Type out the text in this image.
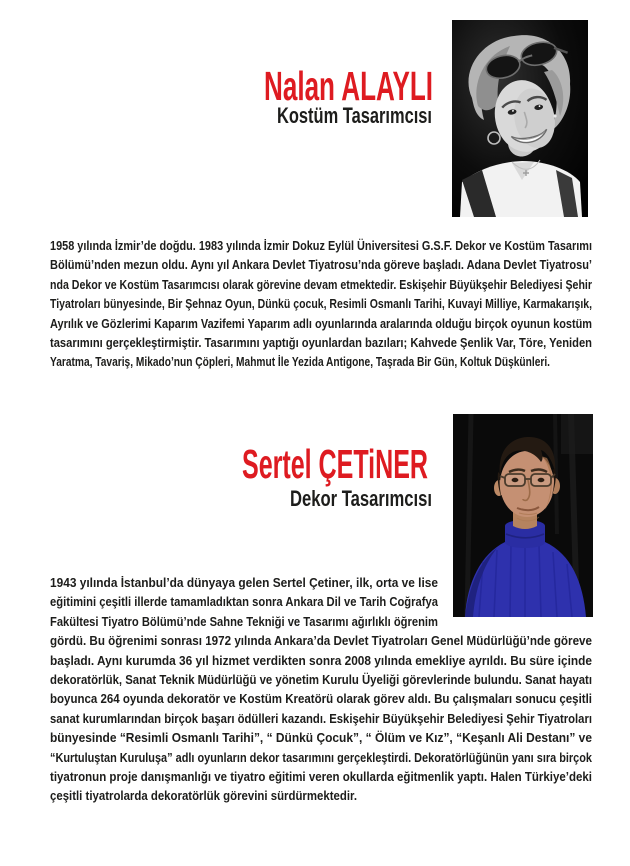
Nalan ALAYLI
Kostüm Tasarımcısı
1958 yılında İzmir’de doğdu. 1983 yılında İzmir Dokuz Eylül Üniversitesi G.S.F. Dekor ve Kostüm Tasarımı
Bölümü’nden mezun oldu. Aynı yıl Ankara Devlet Tiyatrosu’nda göreve başladı. Adana Devlet Tiyatrosu’
nda Dekor ve Kostüm Tasarımcısı olarak görevine devam etmektedir. Eskişehir Büyükşehir Belediyesi Şehir
Tiyatroları bünyesinde, Bir Şehnaz Oyun, Dünkü çocuk, Resimli Osmanlı Tarihi, Kuvayi Milliye, Karmakarışık,
Ayrılık ve Gözlerimi Kaparım Vazifemi Yaparım adlı oyunlarında aralarında olduğu birçok oyunun kostüm
tasarımını gerçekleştirmiştir. Tasarımını yaptığı oyunlardan bazıları; Kahvede Şenlik Var, Töre, Yeniden
Yaratma, Tavariş, Mikado’nun Çöpleri, Mahmut İle Yezida Antigone, Taşrada Bir Gün, Koltuk Düşkünleri.
Sertel ÇETiNER
Dekor Tasarımcısı
1943 yılında İstanbul’da dünyaya gelen Sertel Çetiner, ilk, orta ve lise
eğitimini çeşitli illerde tamamladıktan sonra Ankara Dil ve Tarih Coğrafya
Fakültesi Tiyatro Bölümü’nde Sahne Tekniği ve Tasarımı ağırlıklı öğrenim
gördü. Bu öğrenimi sonrası 1972 yılında Ankara’da Devlet Tiyatroları Genel Müdürlüğü’nde göreve
başladı. Aynı kurumda 36 yıl hizmet verdikten sonra 2008 yılında emekliye ayrıldı. Bu süre içinde
dekoratörlük, Sanat Teknik Müdürlüğü ve yönetim Kurulu Üyeliği görevlerinde bulundu. Sanat hayatı
boyunca 264 oyunda dekoratör ve Kostüm Kreatörü olarak görev aldı. Bu çalışmaları sonucu çeşitli
sanat kurumlarından birçok başarı ödülleri kazandı. Eskişehir Büyükşehir Belediyesi Şehir Tiyatroları
bünyesinde “Resimli Osmanlı Tarihi”, “ Dünkü Çocuk”, “ Ölüm ve Kız”, “Keşanlı Ali Destanı” ve
“Kurtuluştan Kuruluşa” adlı oyunların dekor tasarımını gerçekleştirdi. Dekoratörlüğünün yanı sıra birçok
tiyatronun proje danışmanlığı ve tiyatro eğitimi veren okullarda eğitmenlik yaptı. Halen Türkiye’deki
çeşitli tiyatrolarda dekoratörlük görevini sürdürmektedir.
